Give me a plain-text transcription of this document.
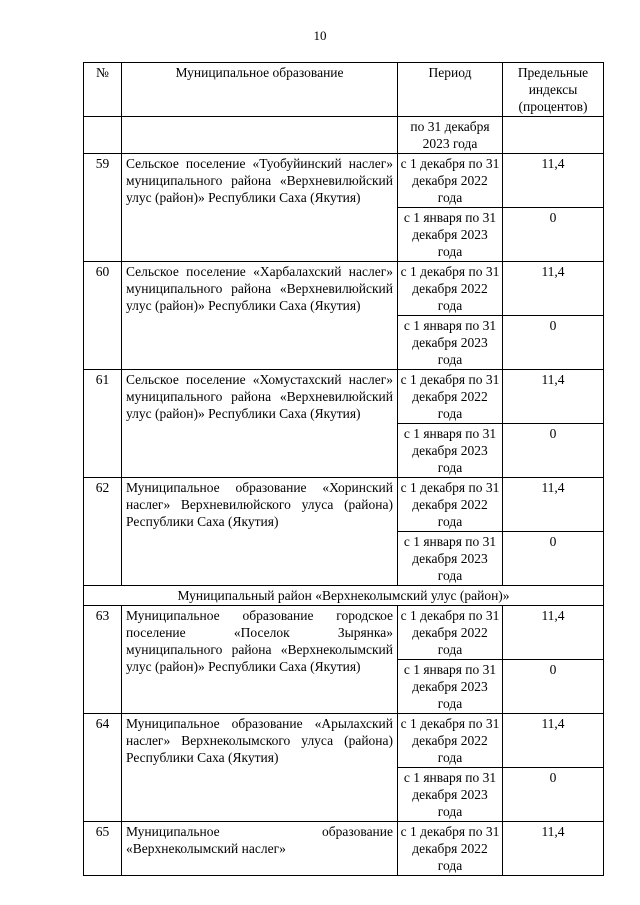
10
№	Муниципальное образование	Период	Предельные индексы (процентов)
		по 31 декабря 2023 года	
59	Сельское поселение «Туобуйинский наслег» муниципального района «Верхневилюйский улус (район)» Республики Саха (Якутия)	с 1 декабря по 31 декабря 2022 года	11,4
		с 1 января по 31 декабря 2023 года	0
60	Сельское поселение «Харбалахский наслег» муниципального района «Верхневилюйский улус (район)» Республики Саха (Якутия)	с 1 декабря по 31 декабря 2022 года	11,4
		с 1 января по 31 декабря 2023 года	0
61	Сельское поселение «Хомустахский наслег» муниципального района «Верхневилюйский улус (район)» Республики Саха (Якутия)	с 1 декабря по 31 декабря 2022 года	11,4
		с 1 января по 31 декабря 2023 года	0
62	Муниципальное образование «Хоринский наслег» Верхневилюйского улуса (района) Республики Саха (Якутия)	с 1 декабря по 31 декабря 2022 года	11,4
		с 1 января по 31 декабря 2023 года	0
Муниципальный район «Верхнеколымский улус (район)»			
63	Муниципальное образование городское поселение «Поселок Зырянка» муниципального района «Верхнеколымский улус (район)» Республики Саха (Якутия)	с 1 декабря по 31 декабря 2022 года	11,4
		с 1 января по 31 декабря 2023 года	0
64	Муниципальное образование «Арылахский наслег» Верхнеколымского улуса (района) Республики Саха (Якутия)	с 1 декабря по 31 декабря 2022 года	11,4
		с 1 января по 31 декабря 2023 года	0
65	Муниципальное образование «Верхнеколымский наслег»	с 1 декабря по 31 декабря 2022 года	11,4
